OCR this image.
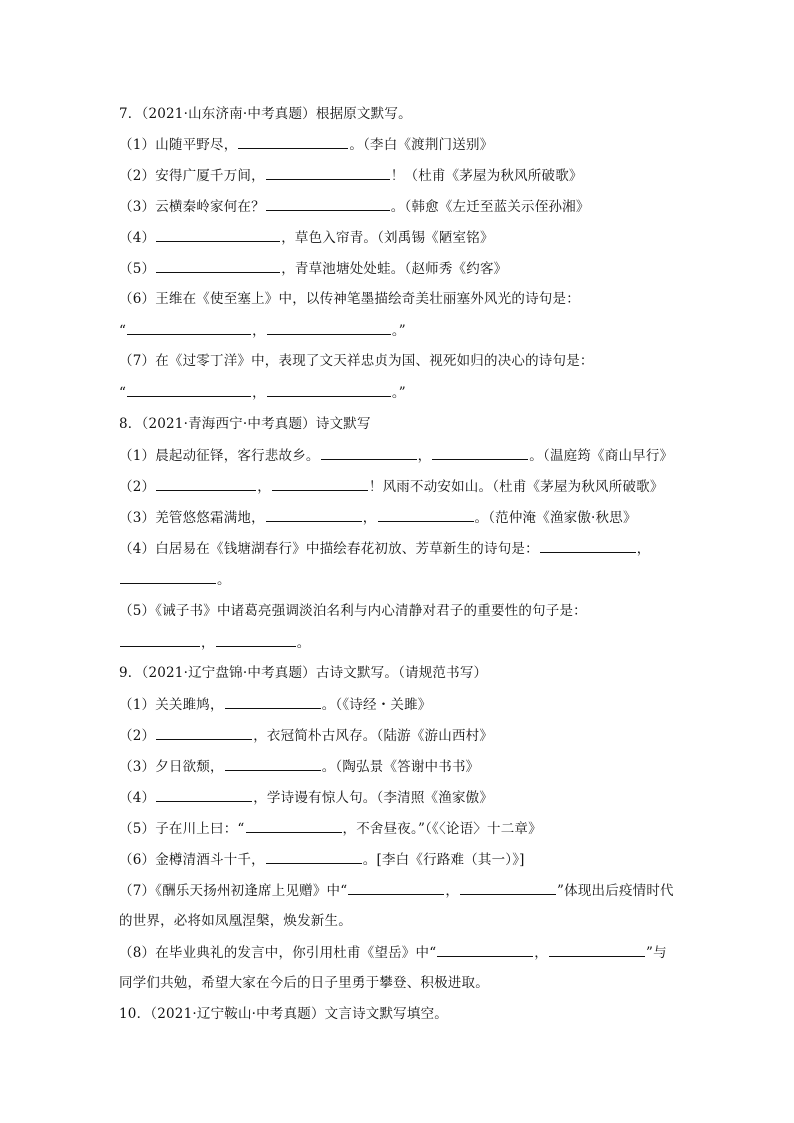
7．（2021·山东济南·中考真题）根据原文默写。
（1）山随平野尽，	。（李白《渡荆门送别》
（2）安得广厦千万间，	！（杜甫《茅屋为秋风所破歌》
（3）云横秦岭家何在？	。（韩愈《左迁至蓝关示侄孙湘》
（4）	，草色入帘青。（刘禹锡《陋室铭》
（5）	，青草池塘处处蛙。（赵师秀《约客》
（6）王维在《使至塞上》中，以传神笔墨描绘奇美壮丽塞外风光的诗句是：
“	，	。”
（7）在《过零丁洋》中，表现了文天祥忠贞为国、视死如归的决心的诗句是：
“	，	。”
8．（2021·青海西宁·中考真题）诗文默写
（1）晨起动征铎，客行悲故乡。	，	。（温庭筠《商山早行》
（2）	，	！风雨不动安如山。（杜甫《茅屋为秋风所破歌》
（3）羌管悠悠霜满地，	，	。（范仲淹《渔家傲·秋思》
（4）白居易在《钱塘湖春行》中描绘春花初放、芳草新生的诗句是：	，
。
（5）《诫子书》中诸葛亮强调淡泊名利与内心清静对君子的重要性的句子是：
，	。
9．（2021·辽宁盘锦·中考真题）古诗文默写。（请规范书写）
（1）关关雎鸠，	。（《诗经・关雎》
（2）	，衣冠简朴古风存。（陆游《游山西村》
（3）夕日欲颓，	。（陶弘景《答谢中书书》
（4）	，学诗谩有惊人句。（李清照《渔家傲》
（5）子在川上曰：“	，不舍昼夜。”（《〈论语〉十二章》
（6）金樽清酒斗十千，	。[李白《行路难（其一）》]
（7）《酬乐天扬州初逢席上见赠》中“	，	”体现出后疫情时代
的世界，必将如凤凰涅槃，焕发新生。
（8）在毕业典礼的发言中，你引用杜甫《望岳》中“	，	”与
同学们共勉，希望大家在今后的日子里勇于攀登、积极进取。
10．（2021·辽宁鞍山·中考真题）文言诗文默写填空。
